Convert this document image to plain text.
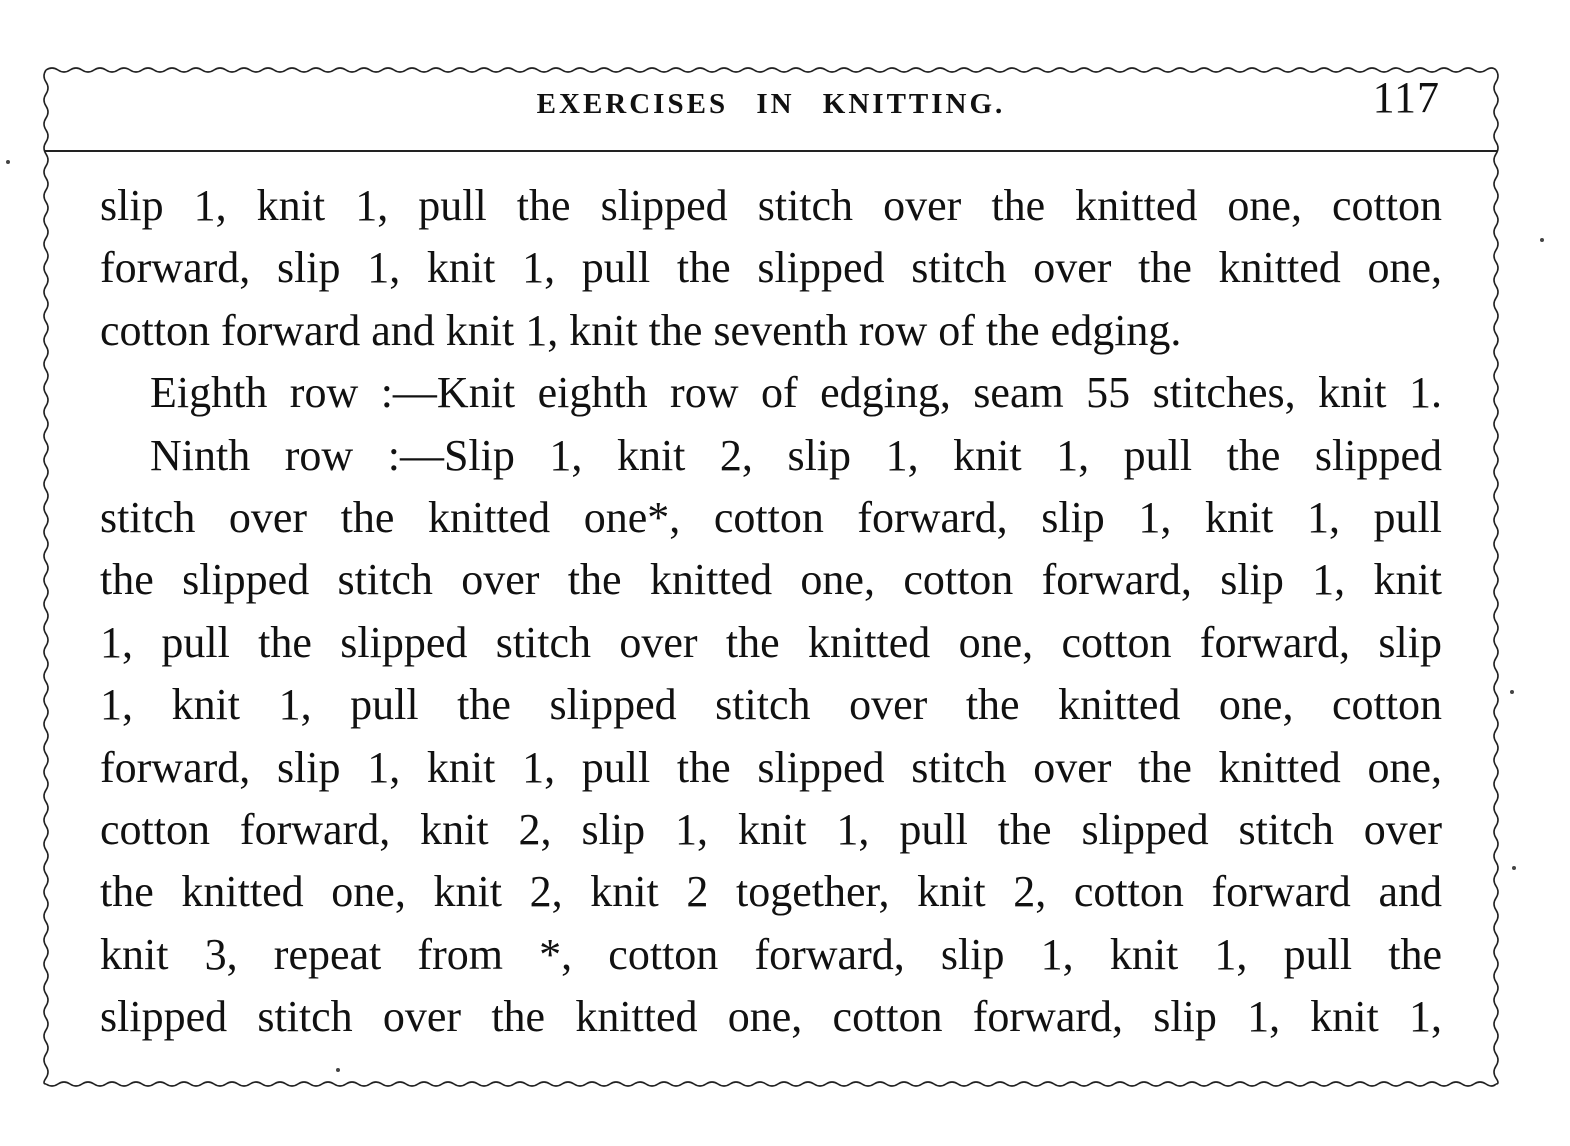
EXERCISES IN KNITTING.	117
slip 1, knit 1, pull the slipped stitch over the knitted one, cotton
forward, slip 1, knit 1, pull the slipped stitch over the knitted one,
cotton forward and knit 1, knit the seventh row of the edging.
Eighth row :—Knit eighth row of edging, seam 55 stitches, knit 1.
Ninth row :—Slip 1, knit 2, slip 1, knit 1, pull the slipped
stitch over the knitted one*, cotton forward, slip 1, knit 1, pull
the slipped stitch over the knitted one, cotton forward, slip 1, knit
1, pull the slipped stitch over the knitted one, cotton forward, slip
1, knit 1, pull the slipped stitch over the knitted one, cotton
forward, slip 1, knit 1, pull the slipped stitch over the knitted one,
cotton forward, knit 2, slip 1, knit 1, pull the slipped stitch over
the knitted one, knit 2, knit 2 together, knit 2, cotton forward and
knit 3, repeat from *, cotton forward, slip 1, knit 1, pull the
slipped stitch over the knitted one, cotton forward, slip 1, knit 1,
